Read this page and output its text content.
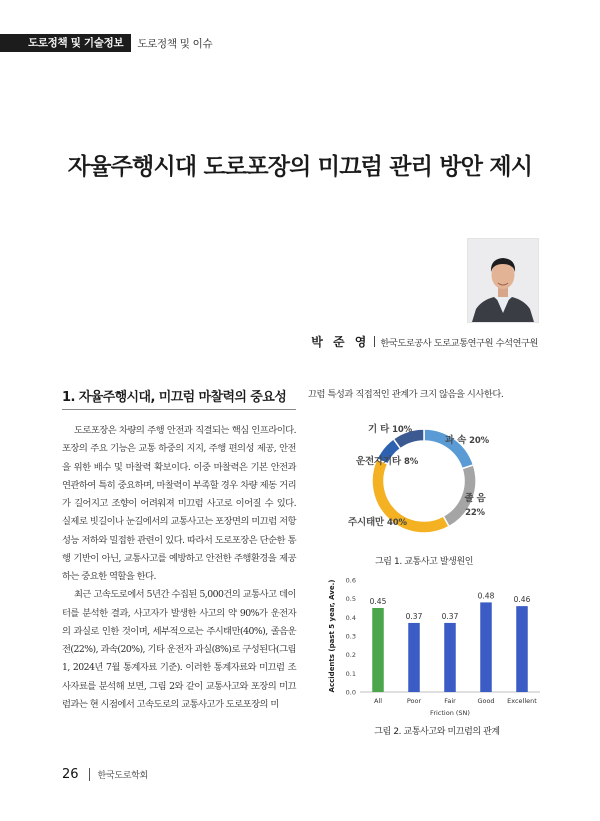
도로정책 및 기술정보	도로정책 및 이슈
자율주행시대 도로포장의 미끄럼 관리 방안 제시
박 준 영 한국도로공사 도로교통연구원 수석연구원
1. 자율주행시대, 미끄럼 마찰력의 중요성
도로포장은 차량의 주행 안전과 직결되는 핵심 인프라이다. 포장의 주요 기능은 교통 하중의 지지, 주행 편의성 제공, 안전을 위한 배수 및 마찰력 확보이다. 이중 마찰력은 기본 안전과 연관하여 특히 중요하며, 마찰력이 부족할 경우 차량 제동 거리가 길어지고 조향이 어려워져 미끄럼 사고로 이어질 수 있다. 실제로 빗길이나 눈길에서의 교통사고는 포장면의 미끄럼 저항 성능 저하와 밀접한 관련이 있다. 따라서 도로포장은 단순한 통행 기반이 아닌, 교통사고를 예방하고 안전한 주행환경을 제공하는 중요한 역할을 한다.
최근 고속도로에서 5년간 수집된 5,000건의 교통사고 데이터를 분석한 결과, 사고자가 발생한 사고의 약 90%가 운전자의 과실로 인한 것이며, 세부적으로는 주시태만(40%), 졸음운전(22%), 과속(20%), 기타 운전자 과실(8%)로 구성된다(그림 1, 2024년 7월 통계자료 기준). 이러한 통계자료와 미끄럼 조사자료를 분석해 보면, 그림 2와 같이 교통사고와 포장의 미끄럼과는 현 시점에서 고속도로의 교통사고가 도로포장의 미
끄럼 특성과 직접적인 관계가 크지 않음을 시사한다.
기 타 10%
과 속 20%
운전자기타 8%
졸 음
22%
주시태만 40%
그림 1. 교통사고 발생원인
0.0
0.1
0.2
0.3
0.4
0.5
0.6
0.45
All
0.37
Poor
0.37
Fair
0.48
Good
0.46
Excellent
Friction (SN)
Accidents (past 5 year, Ave.)
그림 2. 교통사고와 미끄럼의 관계
26 한국도로학회
